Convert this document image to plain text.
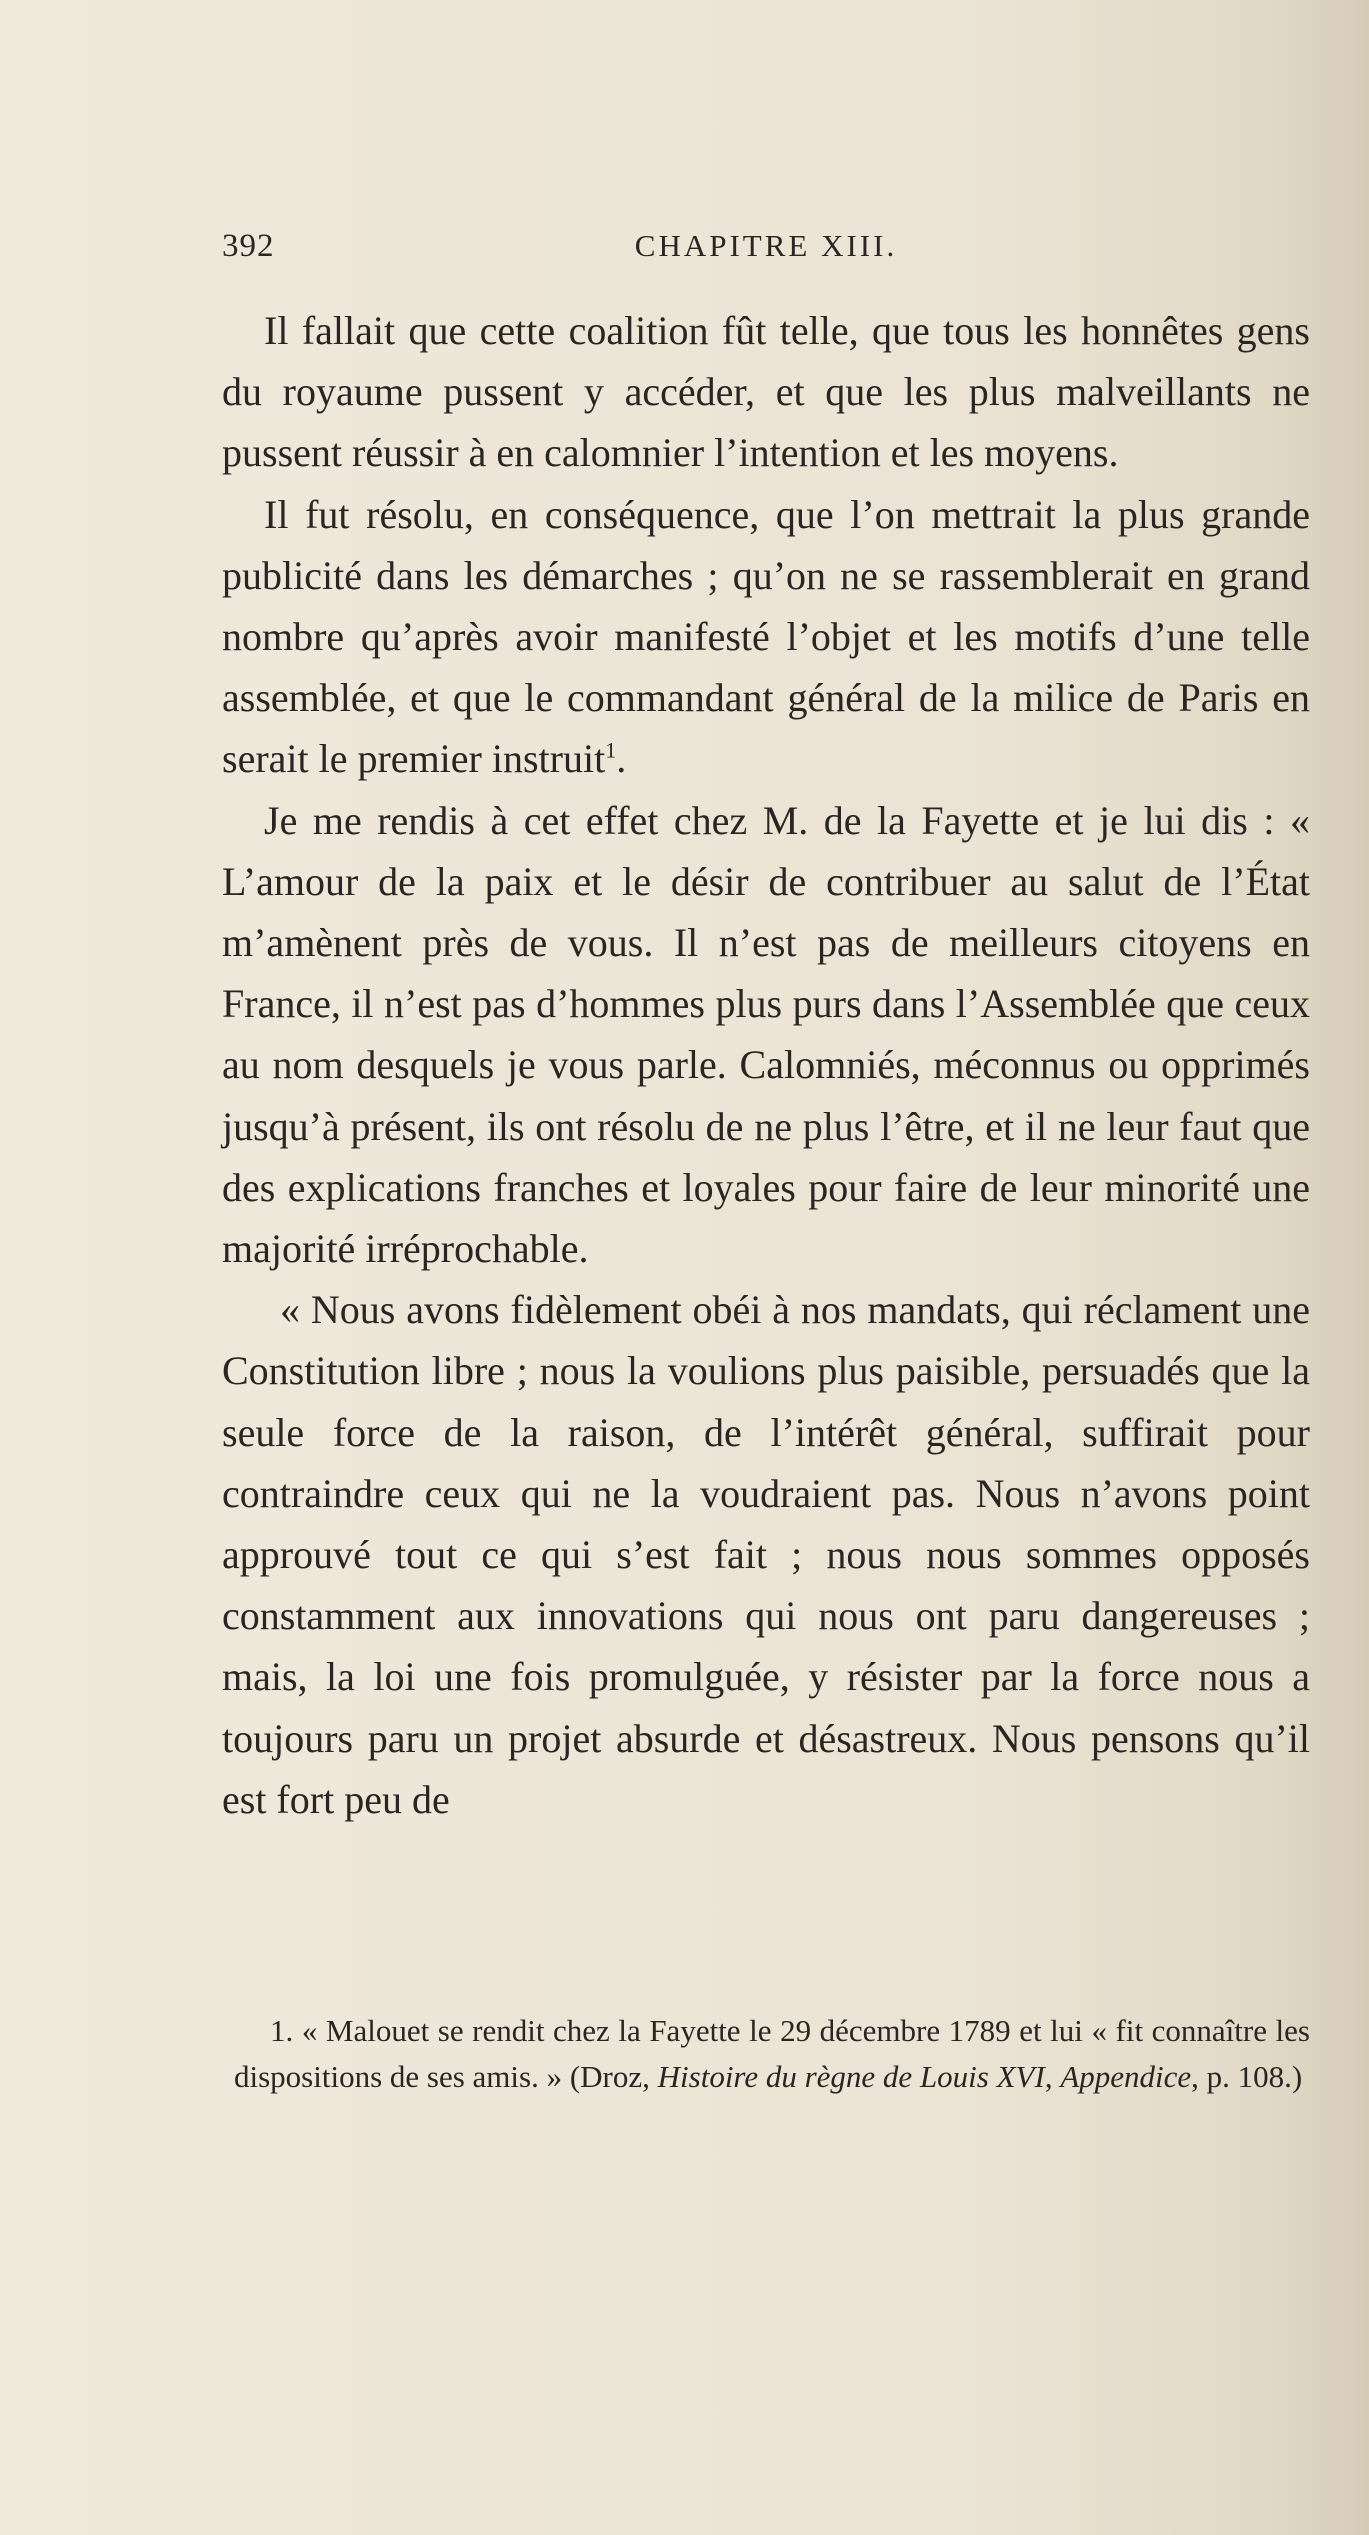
392	CHAPITRE XIII.

Il fallait que cette coalition fût telle, que tous les honnêtes gens du royaume pussent y accéder, et que les plus malveillants ne pussent réussir à en calomnier l’intention et les moyens.

Il fut résolu, en conséquence, que l’on mettrait la plus grande publicité dans les démarches ; qu’on ne se rassemblerait en grand nombre qu’après avoir manifesté l’objet et les motifs d’une telle assemblée, et que le commandant général de la milice de Paris en serait le premier instruit$^1$.

Je me rendis à cet effet chez M. de la Fayette et je lui dis : « L’amour de la paix et le désir de contribuer au salut de l’État m’amènent près de vous. Il n’est pas de meilleurs citoyens en France, il n’est pas d’hommes plus purs dans l’Assemblée que ceux au nom desquels je vous parle. Calomniés, méconnus ou opprimés jusqu’à présent, ils ont résolu de ne plus l’être, et il ne leur faut que des explications franches et loyales pour faire de leur minorité une majorité irréprochable.

« Nous avons fidèlement obéi à nos mandats, qui réclament une Constitution libre ; nous la voulions plus paisible, persuadés que la seule force de la raison, de l’intérêt général, suffirait pour contraindre ceux qui ne la voudraient pas. Nous n’avons point approuvé tout ce qui s’est fait ; nous nous sommes opposés constamment aux innovations qui nous ont paru dangereuses ; mais, la loi une fois promulguée, y résister par la force nous a toujours paru un projet absurde et désastreux. Nous pensons qu’il est fort peu de

1. « Malouet se rendit chez la Fayette le 29 décembre 1789 et lui « fit connaître les dispositions de ses amis. » (Droz, Histoire du règne de Louis XVI, Appendice, p. 108.)
